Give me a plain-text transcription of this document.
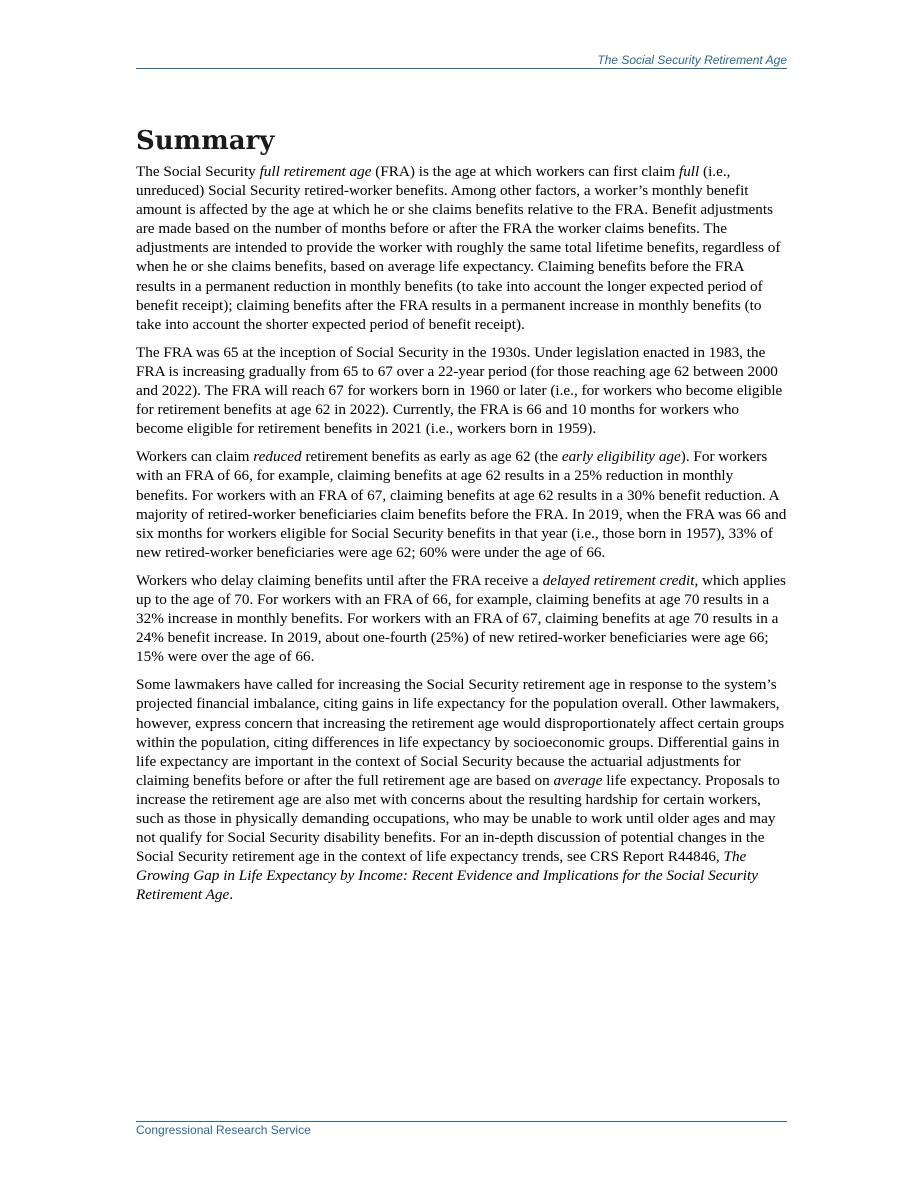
The Social Security Retirement Age
Summary

The Social Security full retirement age (FRA) is the age at which workers can first claim full (i.e., unreduced) Social Security retired-worker benefits. Among other factors, a worker’s monthly benefit amount is affected by the age at which he or she claims benefits relative to the FRA. Benefit adjustments are made based on the number of months before or after the FRA the worker claims benefits. The adjustments are intended to provide the worker with roughly the same total lifetime benefits, regardless of when he or she claims benefits, based on average life expectancy. Claiming benefits before the FRA results in a permanent reduction in monthly benefits (to take into account the longer expected period of benefit receipt); claiming benefits after the FRA results in a permanent increase in monthly benefits (to take into account the shorter expected period of benefit receipt).

The FRA was 65 at the inception of Social Security in the 1930s. Under legislation enacted in 1983, the FRA is increasing gradually from 65 to 67 over a 22-year period (for those reaching age 62 between 2000 and 2022). The FRA will reach 67 for workers born in 1960 or later (i.e., for workers who become eligible for retirement benefits at age 62 in 2022). Currently, the FRA is 66 and 10 months for workers who become eligible for retirement benefits in 2021 (i.e., workers born in 1959).

Workers can claim reduced retirement benefits as early as age 62 (the early eligibility age). For workers with an FRA of 66, for example, claiming benefits at age 62 results in a 25% reduction in monthly benefits. For workers with an FRA of 67, claiming benefits at age 62 results in a 30% benefit reduction. A majority of retired-worker beneficiaries claim benefits before the FRA. In 2019, when the FRA was 66 and six months for workers eligible for Social Security benefits in that year (i.e., those born in 1957), 33% of new retired-worker beneficiaries were age 62; 60% were under the age of 66.

Workers who delay claiming benefits until after the FRA receive a delayed retirement credit, which applies up to the age of 70. For workers with an FRA of 66, for example, claiming benefits at age 70 results in a 32% increase in monthly benefits. For workers with an FRA of 67, claiming benefits at age 70 results in a 24% benefit increase. In 2019, about one-fourth (25%) of new retired-worker beneficiaries were age 66; 15% were over the age of 66.

Some lawmakers have called for increasing the Social Security retirement age in response to the system’s projected financial imbalance, citing gains in life expectancy for the population overall. Other lawmakers, however, express concern that increasing the retirement age would disproportionately affect certain groups within the population, citing differences in life expectancy by socioeconomic groups. Differential gains in life expectancy are important in the context of Social Security because the actuarial adjustments for claiming benefits before or after the full retirement age are based on average life expectancy. Proposals to increase the retirement age are also met with concerns about the resulting hardship for certain workers, such as those in physically demanding occupations, who may be unable to work until older ages and may not qualify for Social Security disability benefits. For an in-depth discussion of potential changes in the Social Security retirement age in the context of life expectancy trends, see CRS Report R44846, The Growing Gap in Life Expectancy by Income: Recent Evidence and Implications for the Social Security Retirement Age.

Congressional Research Service
